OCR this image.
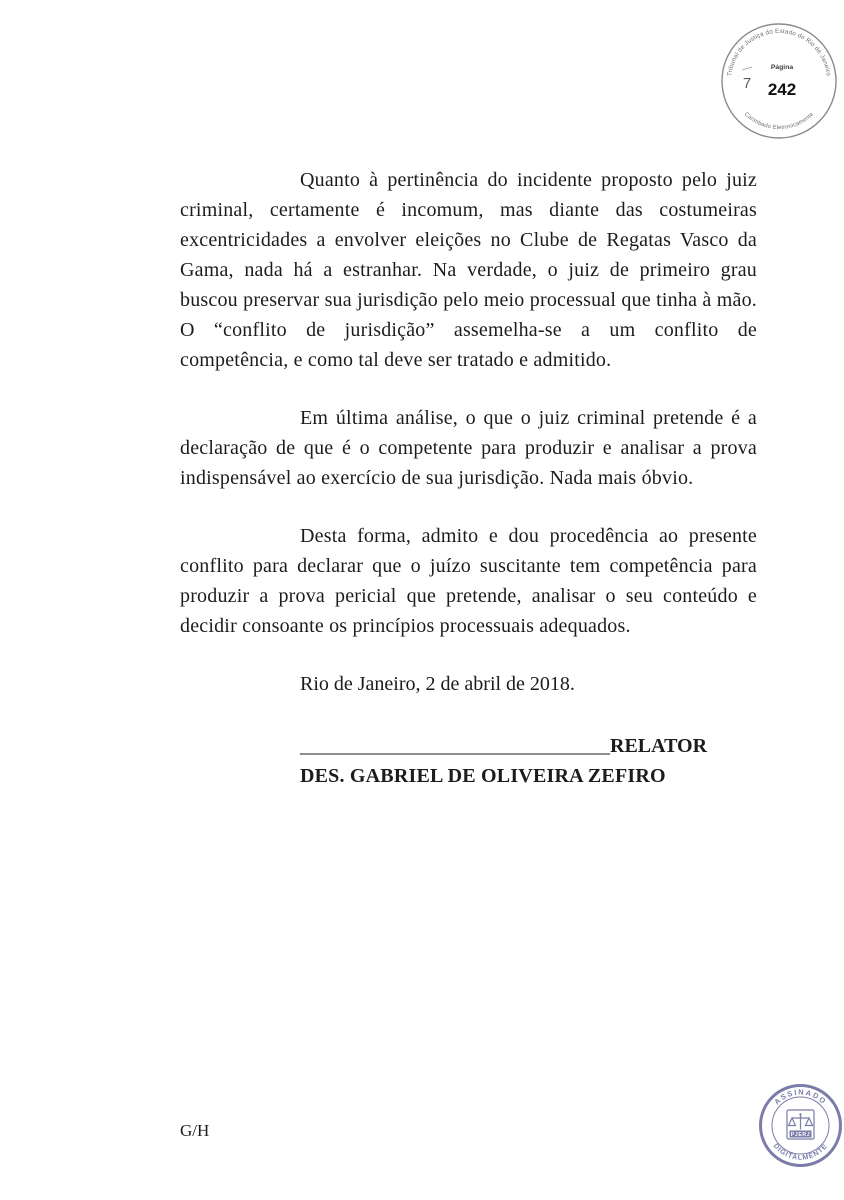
Tribunal de Justiça do Estado do Rio de Janeiro
Carimbado Eletronicamente
7
Página
242

Quanto à pertinência do incidente proposto pelo juiz criminal, certamente é incomum, mas diante das costumeiras excentricidades a envolver eleições no Clube de Regatas Vasco da Gama, nada há a estranhar. Na verdade, o juiz de primeiro grau buscou preservar sua jurisdição pelo meio processual que tinha à mão. O “conflito de jurisdição” assemelha-se a um conflito de competência, e como tal deve ser tratado e admitido.

Em última análise, o que o juiz criminal pretende é a declaração de que é o competente para produzir e analisar a prova indispensável ao exercício de sua jurisdição. Nada mais óbvio.

Desta forma, admito e dou procedência ao presente conflito para declarar que o juízo suscitante tem competência para produzir a prova pericial que pretende, analisar o seu conteúdo e decidir consoante os princípios processuais adequados.

Rio de Janeiro, 2 de abril de 2018.
_______________________________RELATOR
DES. GABRIEL DE OLIVEIRA ZEFIRO
G/H
ASSINADO
DIGITALMENTE
PJERJ
